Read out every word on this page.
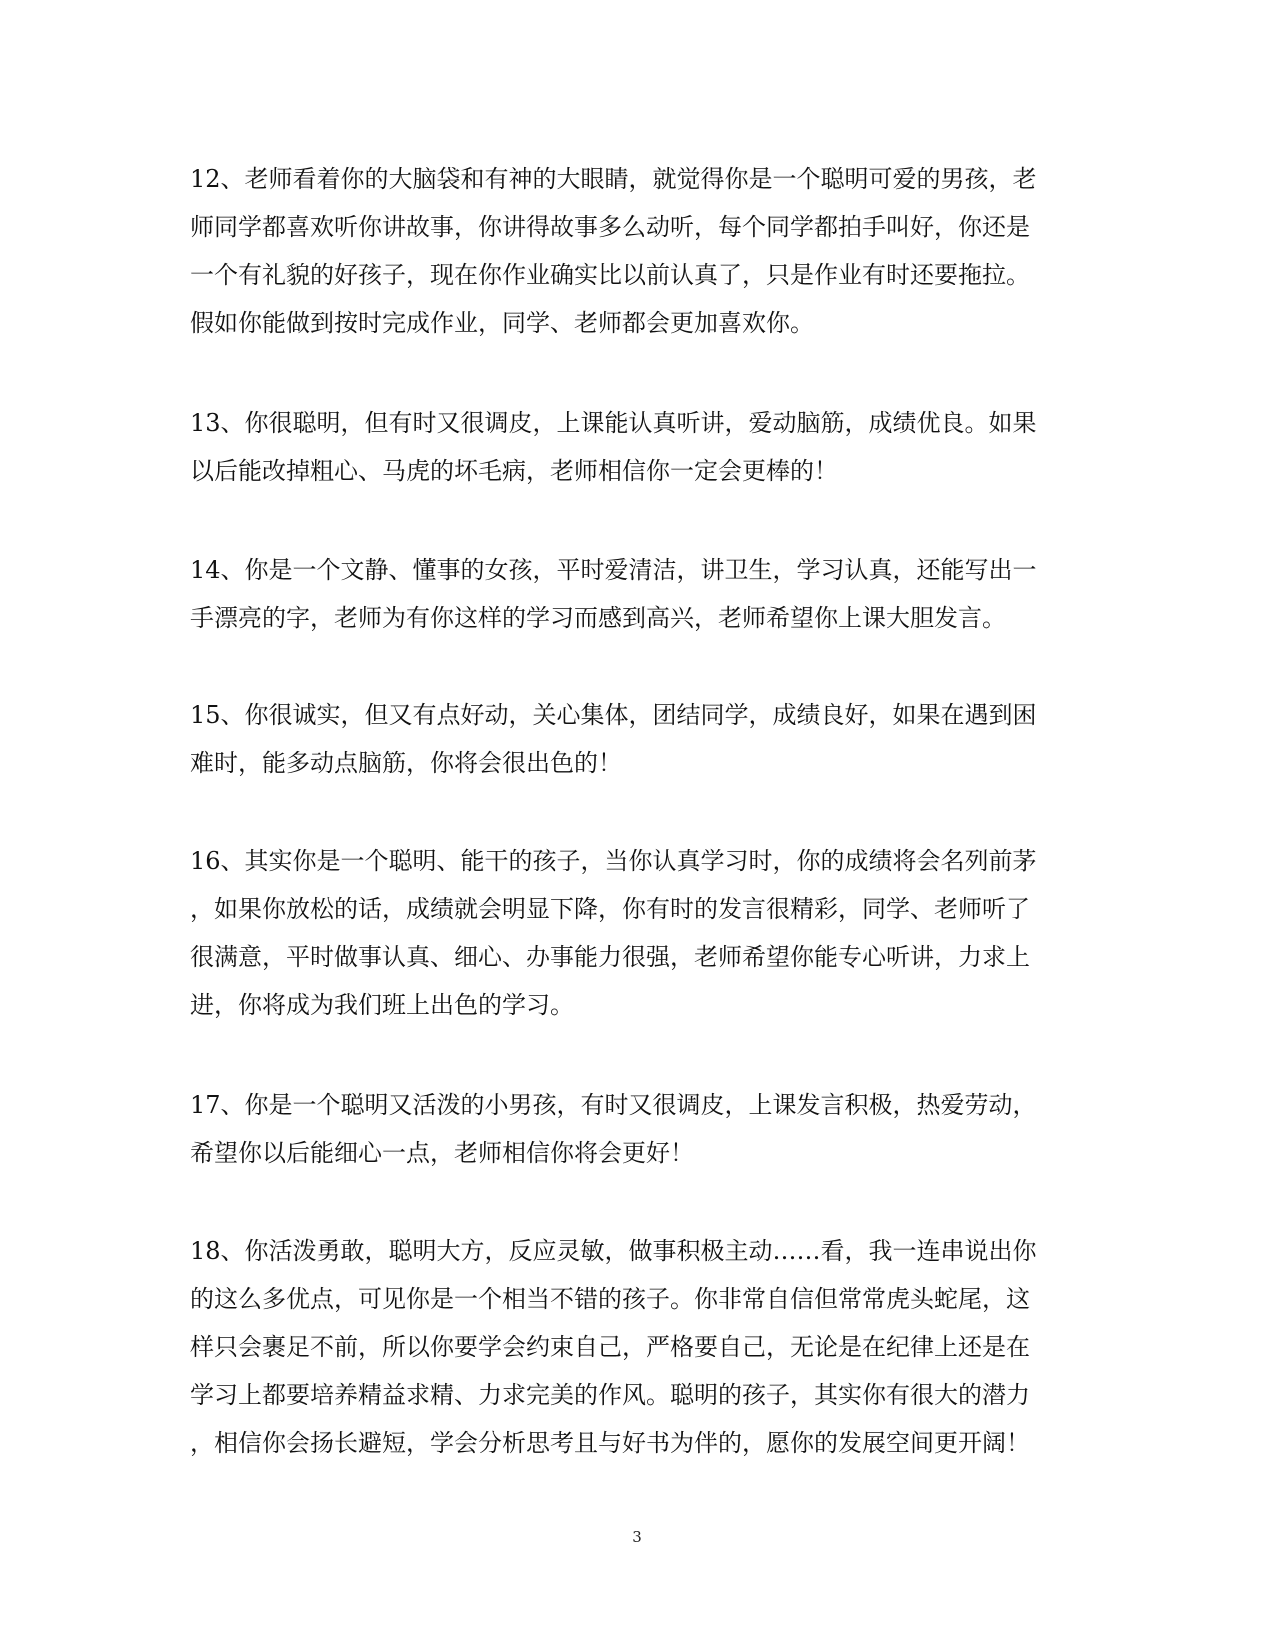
12、老师看着你的大脑袋和有神的大眼睛，就觉得你是一个聪明可爱的男孩，老
师同学都喜欢听你讲故事，你讲得故事多么动听，每个同学都拍手叫好，你还是
一个有礼貌的好孩子，现在你作业确实比以前认真了，只是作业有时还要拖拉。
假如你能做到按时完成作业，同学、老师都会更加喜欢你。
13、你很聪明，但有时又很调皮，上课能认真听讲，爱动脑筋，成绩优良。如果
以后能改掉粗心、马虎的坏毛病，老师相信你一定会更棒的！
14、你是一个文静、懂事的女孩，平时爱清洁，讲卫生，学习认真，还能写出一
手漂亮的字，老师为有你这样的学习而感到高兴，老师希望你上课大胆发言。
15、你很诚实，但又有点好动，关心集体，团结同学，成绩良好，如果在遇到困
难时，能多动点脑筋，你将会很出色的！
16、其实你是一个聪明、能干的孩子，当你认真学习时，你的成绩将会名列前茅
，如果你放松的话，成绩就会明显下降，你有时的发言很精彩，同学、老师听了
很满意，平时做事认真、细心、办事能力很强，老师希望你能专心听讲，力求上
进，你将成为我们班上出色的学习。
17、你是一个聪明又活泼的小男孩，有时又很调皮，上课发言积极，热爱劳动，
希望你以后能细心一点，老师相信你将会更好！
18、你活泼勇敢，聪明大方，反应灵敏，做事积极主动……看，我一连串说出你
的这么多优点，可见你是一个相当不错的孩子。你非常自信但常常虎头蛇尾，这
样只会裹足不前，所以你要学会约束自己，严格要自己，无论是在纪律上还是在
学习上都要培养精益求精、力求完美的作风。聪明的孩子，其实你有很大的潜力
，相信你会扬长避短，学会分析思考且与好书为伴的，愿你的发展空间更开阔！
3
